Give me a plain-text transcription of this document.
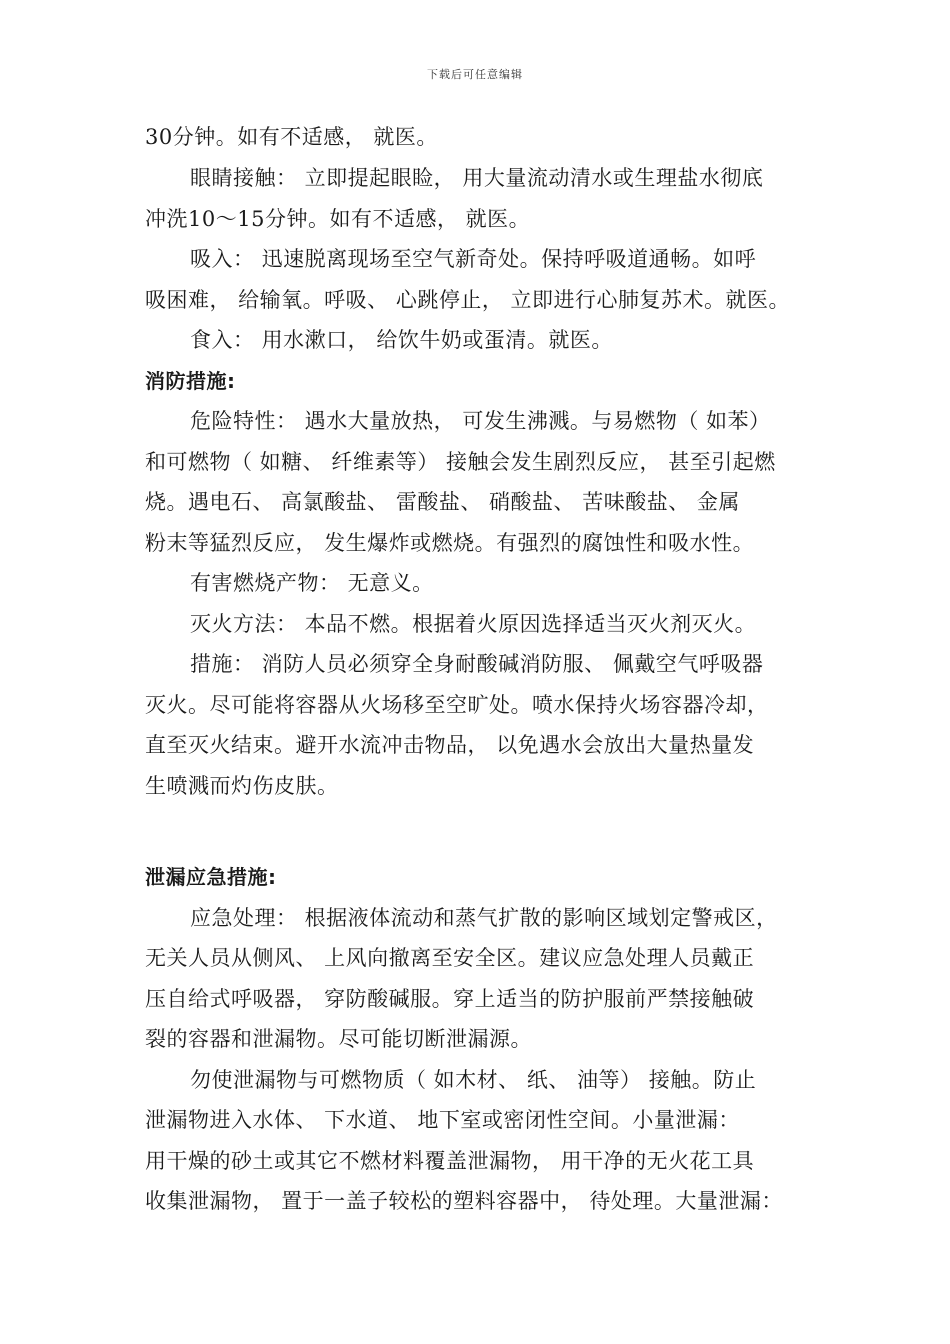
下载后可任意编辑
30分钟。如有不适感， 就医。
眼睛接触： 立即提起眼睑， 用大量流动清水或生理盐水彻底
冲洗10～15分钟。如有不适感， 就医。
吸入： 迅速脱离现场至空气新奇处。保持呼吸道通畅。如呼
吸困难， 给输氧。呼吸、 心跳停止， 立即进行心肺复苏术。就医。
食入： 用水漱口， 给饮牛奶或蛋清。就医。
消防措施:
危险特性： 遇水大量放热， 可发生沸溅。与易燃物（ 如苯）
和可燃物（ 如糖、 纤维素等） 接触会发生剧烈反应， 甚至引起燃
烧。遇电石、 高氯酸盐、 雷酸盐、 硝酸盐、 苦味酸盐、 金属
粉末等猛烈反应， 发生爆炸或燃烧。有强烈的腐蚀性和吸水性。
有害燃烧产物： 无意义。
灭火方法： 本品不燃。根据着火原因选择适当灭火剂灭火。
措施： 消防人员必须穿全身耐酸碱消防服、 佩戴空气呼吸器
灭火。尽可能将容器从火场移至空旷处。喷水保持火场容器冷却，
直至灭火结束。避开水流冲击物品， 以免遇水会放出大量热量发
生喷溅而灼伤皮肤。
泄漏应急措施:
应急处理： 根据液体流动和蒸气扩散的影响区域划定警戒区，
无关人员从侧风、 上风向撤离至安全区。建议应急处理人员戴正
压自给式呼吸器， 穿防酸碱服。穿上适当的防护服前严禁接触破
裂的容器和泄漏物。尽可能切断泄漏源。
勿使泄漏物与可燃物质（ 如木材、 纸、 油等） 接触。防止
泄漏物进入水体、 下水道、 地下室或密闭性空间。小量泄漏：
用干燥的砂土或其它不燃材料覆盖泄漏物， 用干净的无火花工具
收集泄漏物， 置于一盖子较松的塑料容器中， 待处理。大量泄漏：
